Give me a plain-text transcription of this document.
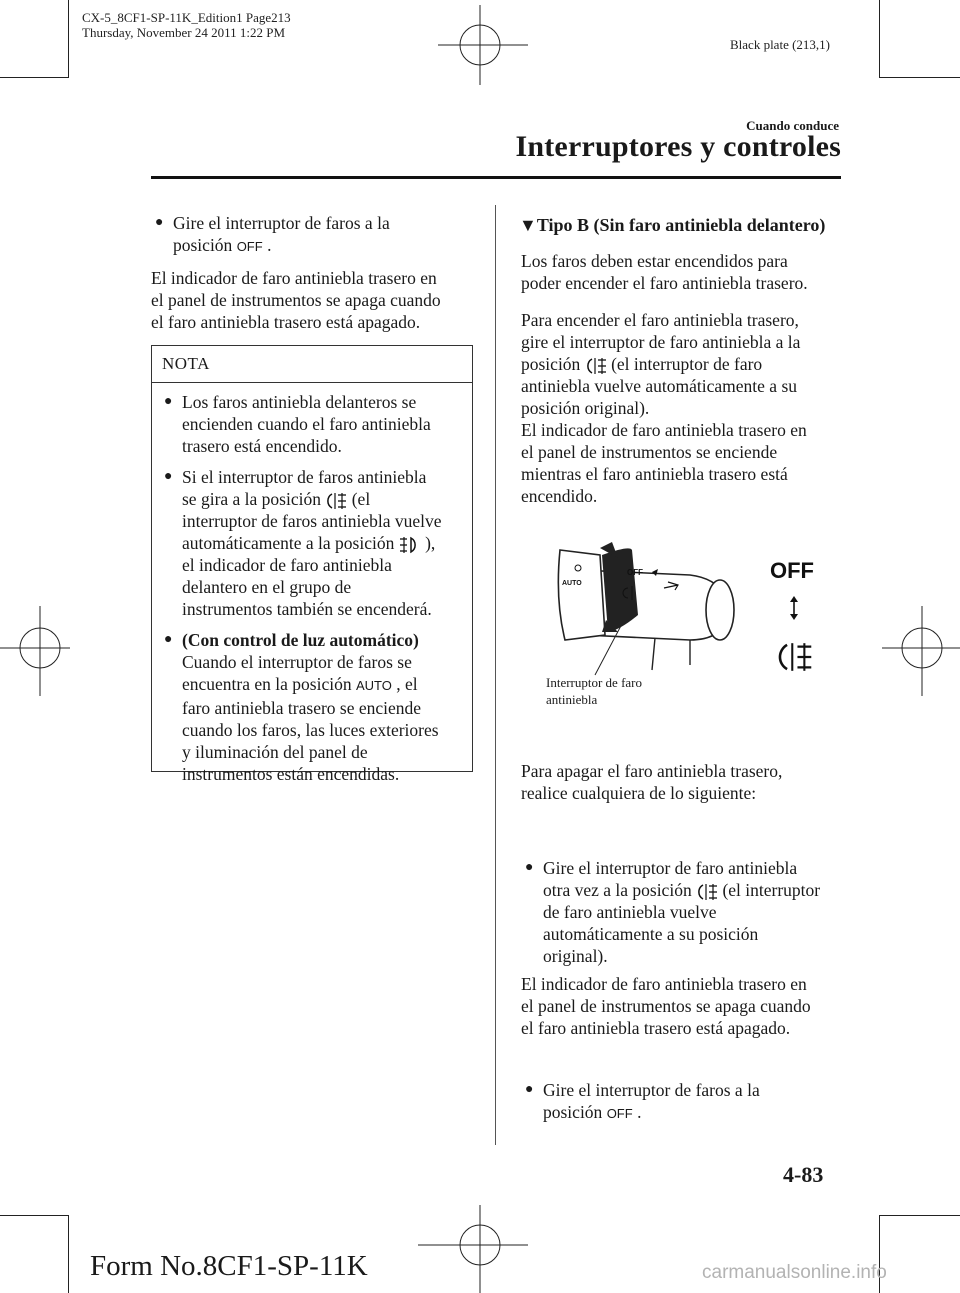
CX-5_8CF1-SP-11K_Edition1 Page213
Thursday, November 24 2011 1:22 PM
Black plate (213,1)
Cuando conduce
Interruptores y controles
● Gire el interruptor de faros a la
posición OFF .
El indicador de faro antiniebla trasero en
el panel de instrumentos se apaga cuando
el faro antiniebla trasero está apagado.
NOTA
● Los faros antiniebla delanteros se
encienden cuando el faro antiniebla
trasero está encendido.
● Si el interruptor de faros antiniebla
se gira a la posición (el
interruptor de faros antiniebla vuelve
automáticamente a la posición ),
el indicador de faro antiniebla
delantero en el grupo de
instrumentos también se encenderá.
● (Con control de luz automático)
Cuando el interruptor de faros se
encuentra en la posición AUTO , el
faro antiniebla trasero se enciende
cuando los faros, las luces exteriores
y iluminación del panel de
instrumentos están encendidas.
▼Tipo B (Sin faro antiniebla delantero)
Los faros deben estar encendidos para
poder encender el faro antiniebla trasero.
Para encender el faro antiniebla trasero,
gire el interruptor de faro antiniebla a la
posición (el interruptor de faro
antiniebla vuelve automáticamente a su
posición original).
El indicador de faro antiniebla trasero en
el panel de instrumentos se enciende
mientras el faro antiniebla trasero está
encendido.
OFF
AUTO
OFF
Interruptor de faro
antiniebla
Para apagar el faro antiniebla trasero,
realice cualquiera de lo siguiente:
● Gire el interruptor de faro antiniebla
otra vez a la posición (el interruptor
de faro antiniebla vuelve
automáticamente a su posición
original).
● Gire el interruptor de faros a la
posición OFF .
El indicador de faro antiniebla trasero en
el panel de instrumentos se apaga cuando
el faro antiniebla trasero está apagado.
4-83
Form No.8CF1-SP-11K	carmanualsonline.info
